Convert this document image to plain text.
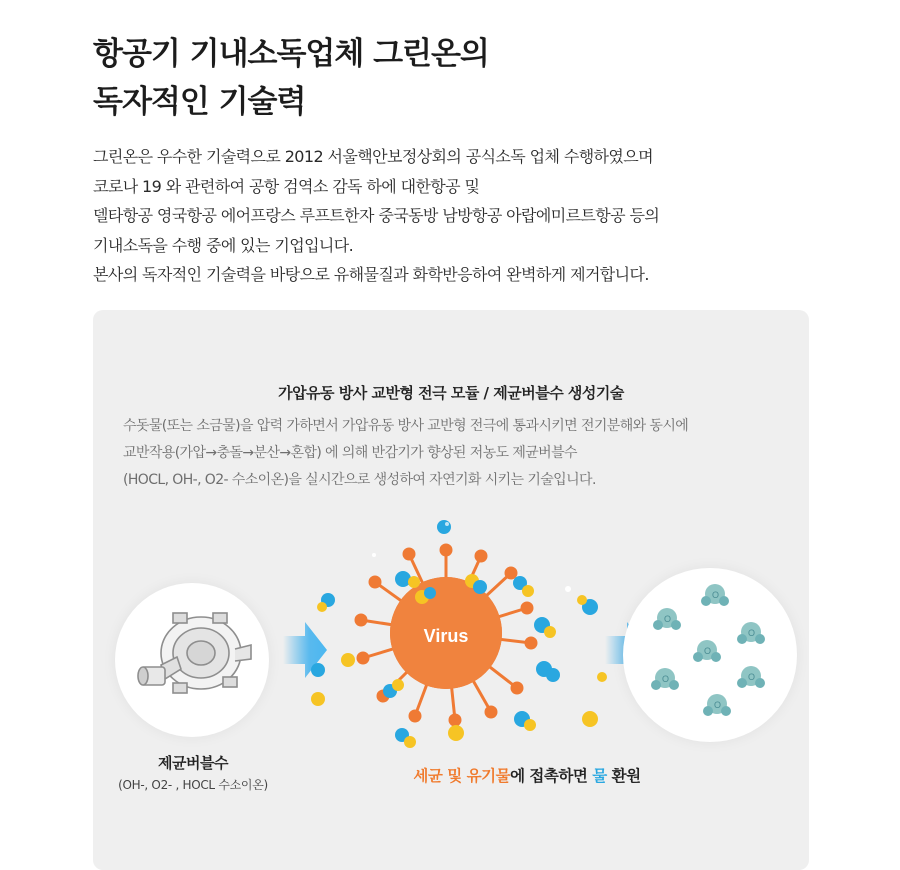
항공기 기내소독업체 그린온의
독자적인 기술력

그린온은 우수한 기술력으로 2012 서울핵안보정상회의 공식소독 업체 수행하였으며

코로나 19 와 관련하여 공항 검역소 감독 하에 대한항공 및

델타항공 영국항공 에어프랑스 루프트한자 중국동방 남방항공 아랍에미르트항공 등의

기내소독을 수행 중에 있는 기업입니다.

본사의 독자적인 기술력을 바탕으로 유해물질과 화학반응하여 완벽하게 제거합니다.

가압유동 방사 교반형 전극 모듈 / 제균버블수 생성기술

수돗물(또는 소금물)을 압력 가하면서 가압유동 방사 교반형 전극에 통과시키면 전기분해와 동시에

교반작용(가압→충돌→분산→혼합) 에 의해 반감기가 향상된 저농도 제균버블수

(HOCL, OH-, O2- 수소이온)을 실시간으로 생성하여 자연기화 시키는 기술입니다.

Virus
O
O
O
O
O	O
O
제균버블수
(OH-, O2- , HOCL 수소이온)	세균 및 유기물에 접촉하면 물 환원
